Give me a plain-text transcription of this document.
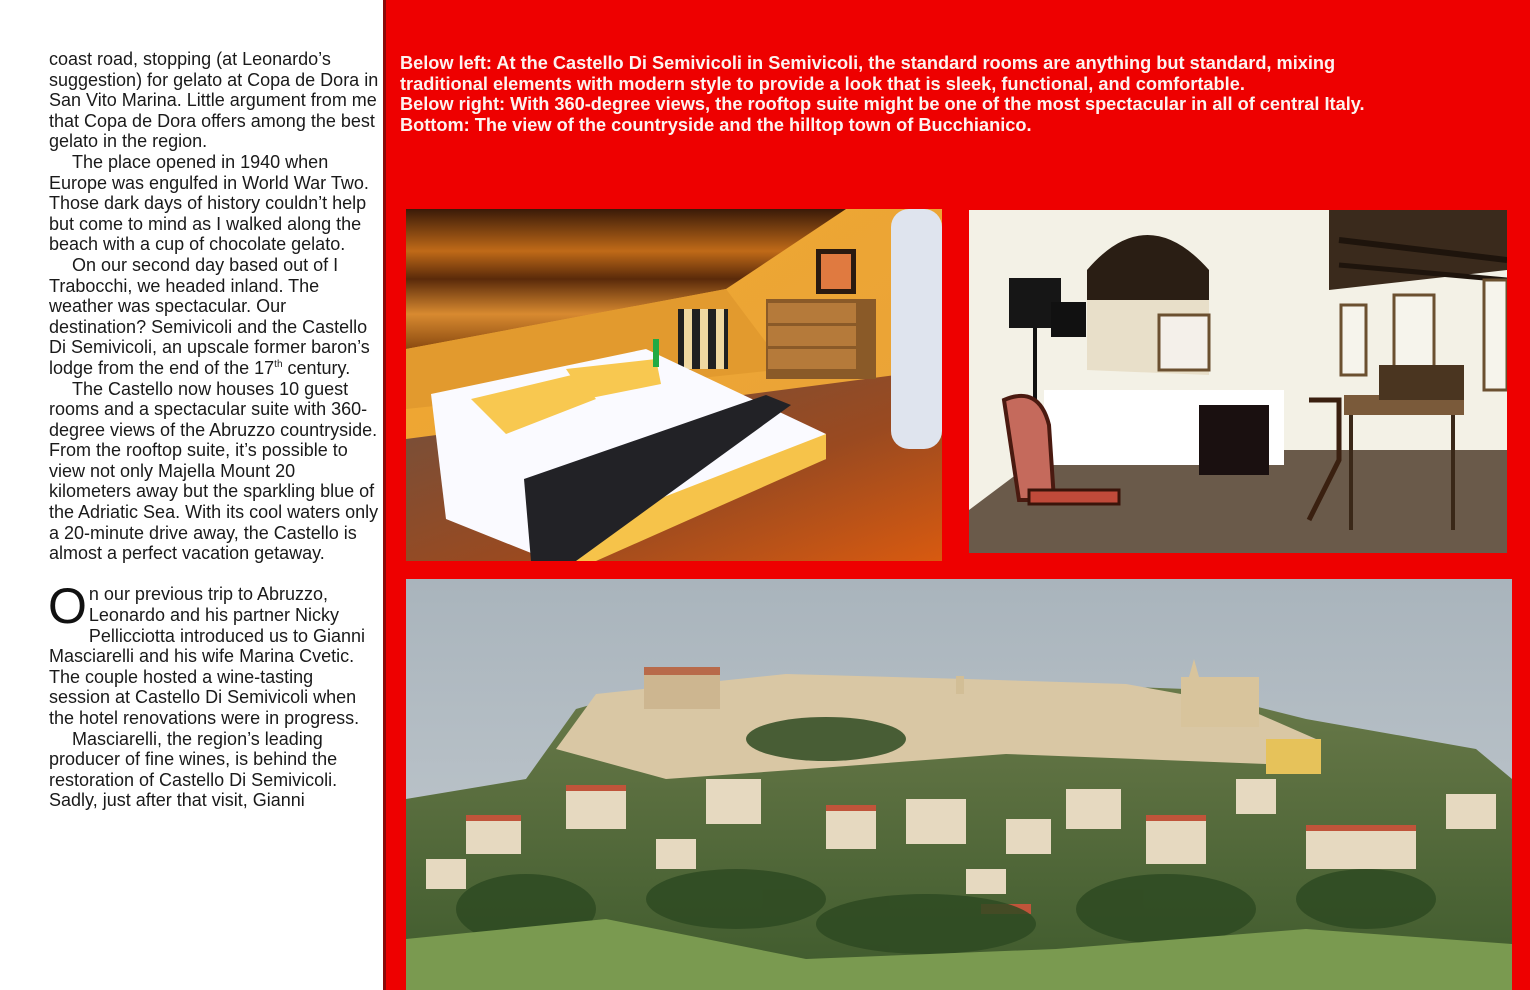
coast road, stopping (at Leonardo’s suggestion) for gelato at Copa de Dora in San Vito Marina. Little argument from me that Copa de Dora offers among the best gelato in the region.

The place opened in 1940 when Europe was engulfed in World War Two. Those dark days of history couldn’t help but come to mind as I walked along the beach with a cup of chocolate gelato.

On our second day based out of I Trabocchi, we headed inland. The weather was spectacular. Our destination? Semivicoli and the Castello Di Semivicoli, an upscale former baron’s lodge from the end of the 17th century.

The Castello now houses 10 guest rooms and a spectacular suite with 360-degree views of the Abruzzo countryside. From the rooftop suite, it’s possible to view not only Majella Mount 20 kilometers away but the sparkling blue of the Adriatic Sea. With its cool waters only a 20-minute drive away, the Castello is almost a perfect vacation getaway.

On our previous trip to Abruzzo, Leonardo and his partner Nicky Pellicciotta introduced us to Gianni Masciarelli and his wife Marina Cvetic. The couple hosted a wine-tasting session at Castello Di Semivicoli when the hotel renovations were in progress.

Masciarelli, the region’s leading producer of fine wines, is behind the restoration of Castello Di Semivicoli. Sadly, just after that visit, Gianni

Below left: At the Castello Di Semivicoli in Semivicoli, the standard rooms are anything but standard, mixing
traditional elements with modern style to provide a look that is sleek, functional, and comfortable.
Below right: With 360-degree views, the rooftop suite might be one of the most spectacular in all of central Italy.
Bottom: The view of the countryside and the hilltop town of Bucchianico.
